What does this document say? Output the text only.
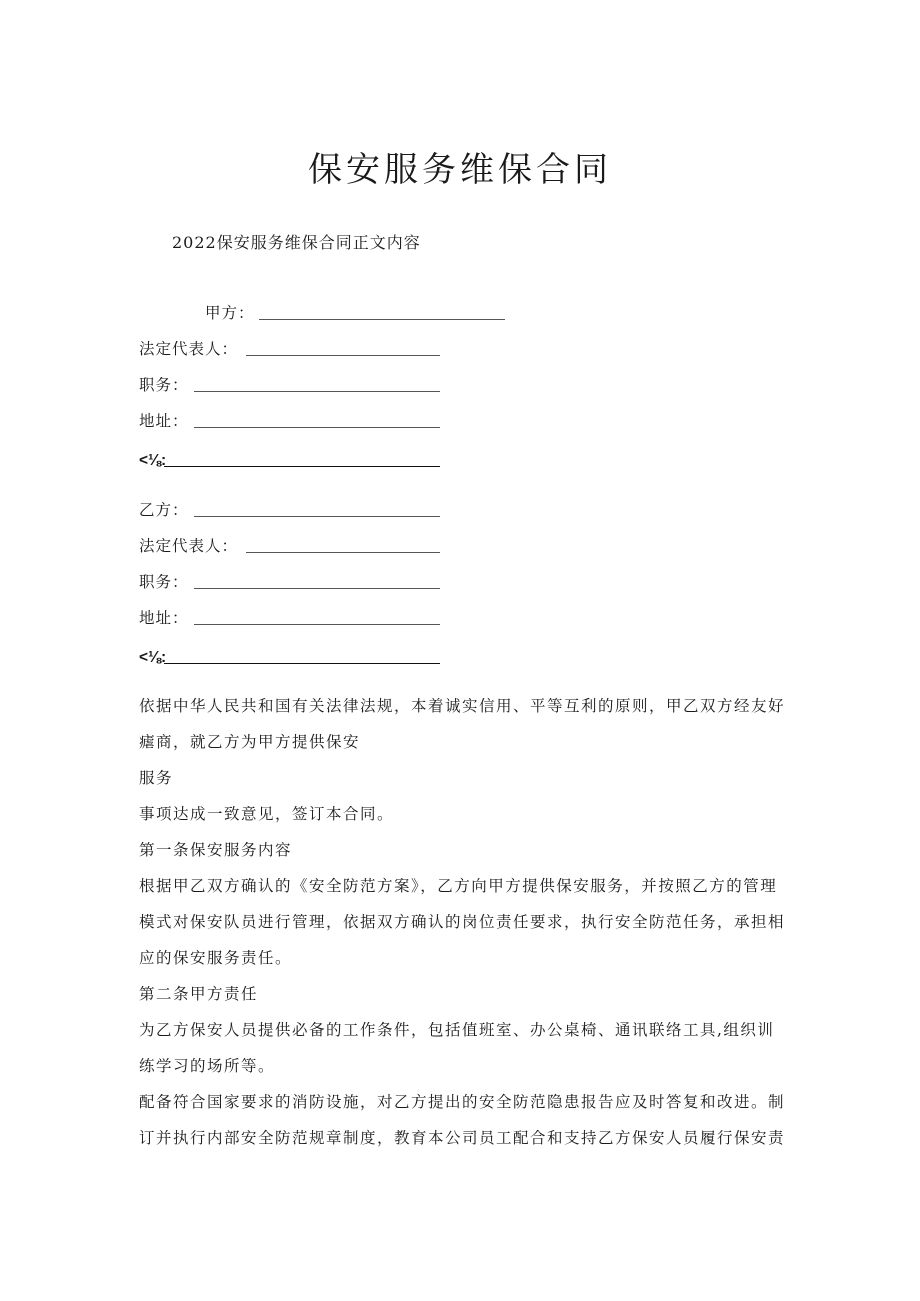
保安服务维保合同
2022保安服务维保合同正文内容
甲方：
法定代表人：
职务：
地址：
<⅛:
乙方：
法定代表人：
职务：
地址：
<⅛:

依据中华人民共和国有关法律法规，本着诚实信用、平等互利的原则，甲乙双方经友好瘧商，就乙方为甲方提供保安

服务

事项达成一致意见，签订本合同。

第一条保安服务内容

根据甲乙双方确认的《安全防范方案》，乙方向甲方提供保安服务，并按照乙方的管理模式对保安队员进行管理，依据双方确认的岗位责任要求，执行安全防范任务，承担相应的保安服务责任。

第二条甲方责任

为乙方保安人员提供必备的工作条件，包括值班室、办公桌椅、通讯联络工具,组织训练学习的场所等。

配备符合国家要求的消防设施，对乙方提出的安全防范隐患报告应及时答复和改进。制订并执行内部安全防范规章制度，教育本公司员工配合和支持乙方保安人员履行保安责
